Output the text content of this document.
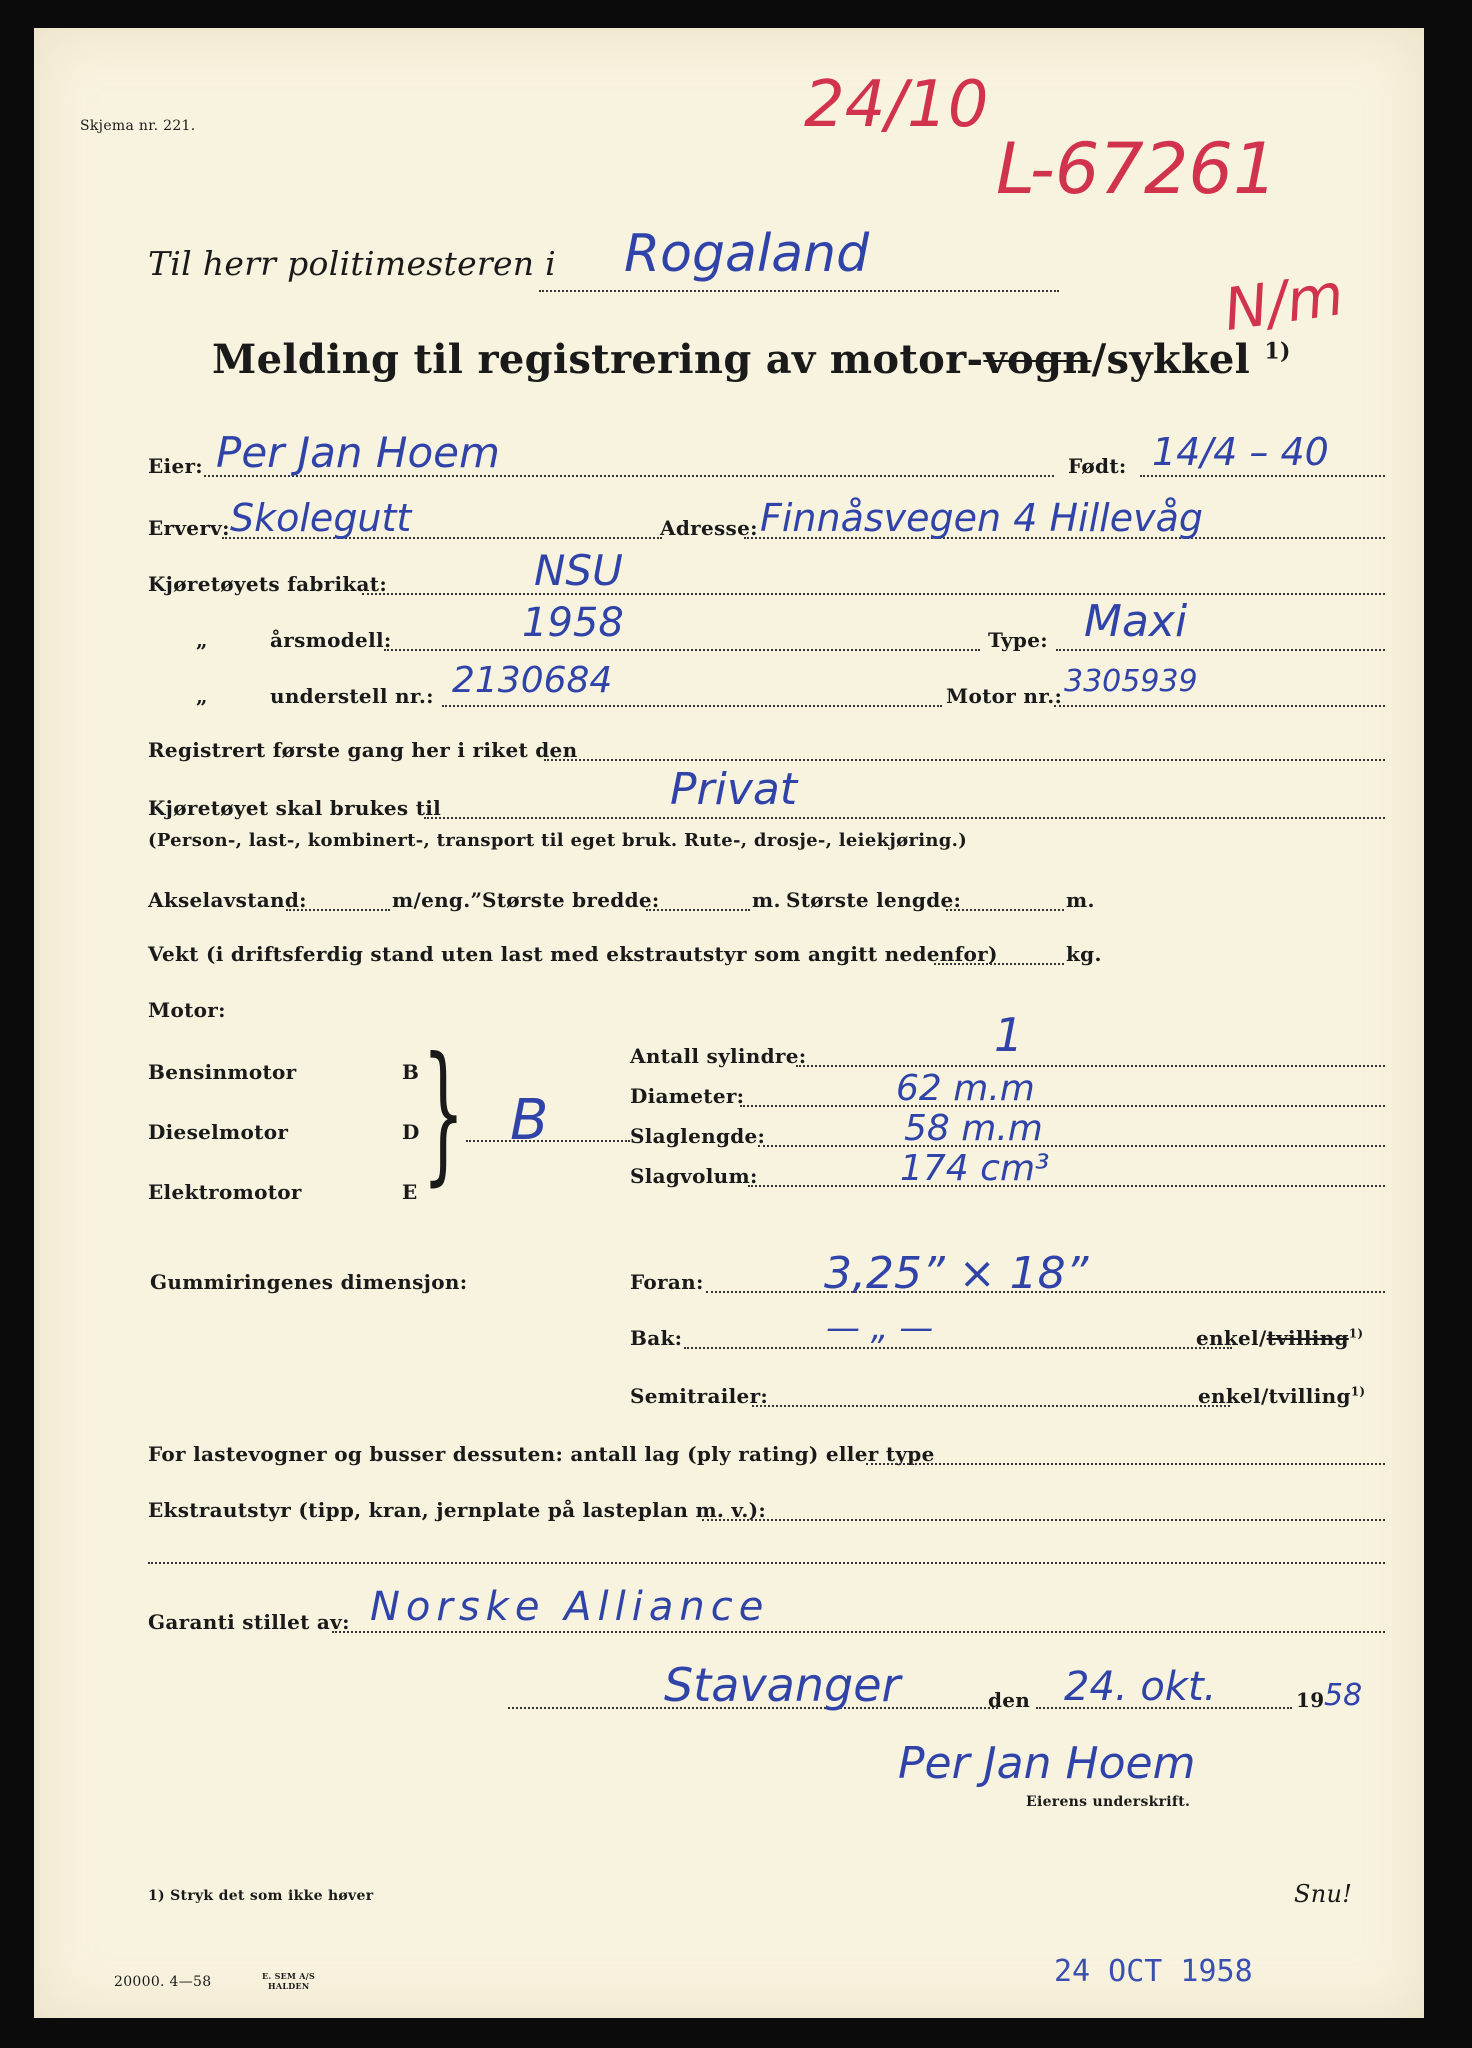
Skjema nr. 221.	24/10
L-67261
N/m
Til herr politimesteren i Rogaland
Melding til registrering av motor-vogn/sykkel $^{1)}$
Eier: Per Jan Hoem	Født: 14/4 – 40
Erverv: Skolegutt	Adresse: Finnåsvegen 4 Hillevåg
Kjøretøyets fabrikat:	NSU
„	årsmodell:	1958	Type: Maxi
„	understell nr.: 2130684	Motor nr.: 3305939
Registrert første gang her i riket den
Kjøretøyet skal brukes til	Privat
(Person-, last-, kombinert-, transport til eget bruk. Rute-, drosje-, leiekjøring.)
Akselavstand:	m/eng.” Største bredde:	m. Største lengde:	m.
Vekt (i driftsferdig stand uten last med ekstrautstyr som angitt nedenfor)	kg.
Motor:
Bensinmotor	B
Dieselmotor	D
Elektromotor	E } B
Antall sylindre:	1
Diameter:	62 m.m
Slaglengde:	58 m.m
Slagvolum:	174 cm³
Gummiringenes dimensjon:	Foran:	3,25” × 18”
Bak:	— „ —	enkel/tvilling$^{1)}$
Semitrailer:	enkel/tvilling$^{1)}$
For lastevogner og busser dessuten: antall lag (ply rating) eller type
Ekstrautstyr (tipp, kran, jernplate på lasteplan m. v.):
Garanti stillet av: Norske Alliance
Stavanger	den 24. okt.	19 58
Per Jan Hoem
Eierens underskrift.
1) Stryk det som ikke høver	Snu!
20000. 4—58	E. SEM A/S
HALDEN	24 OCT 1958
